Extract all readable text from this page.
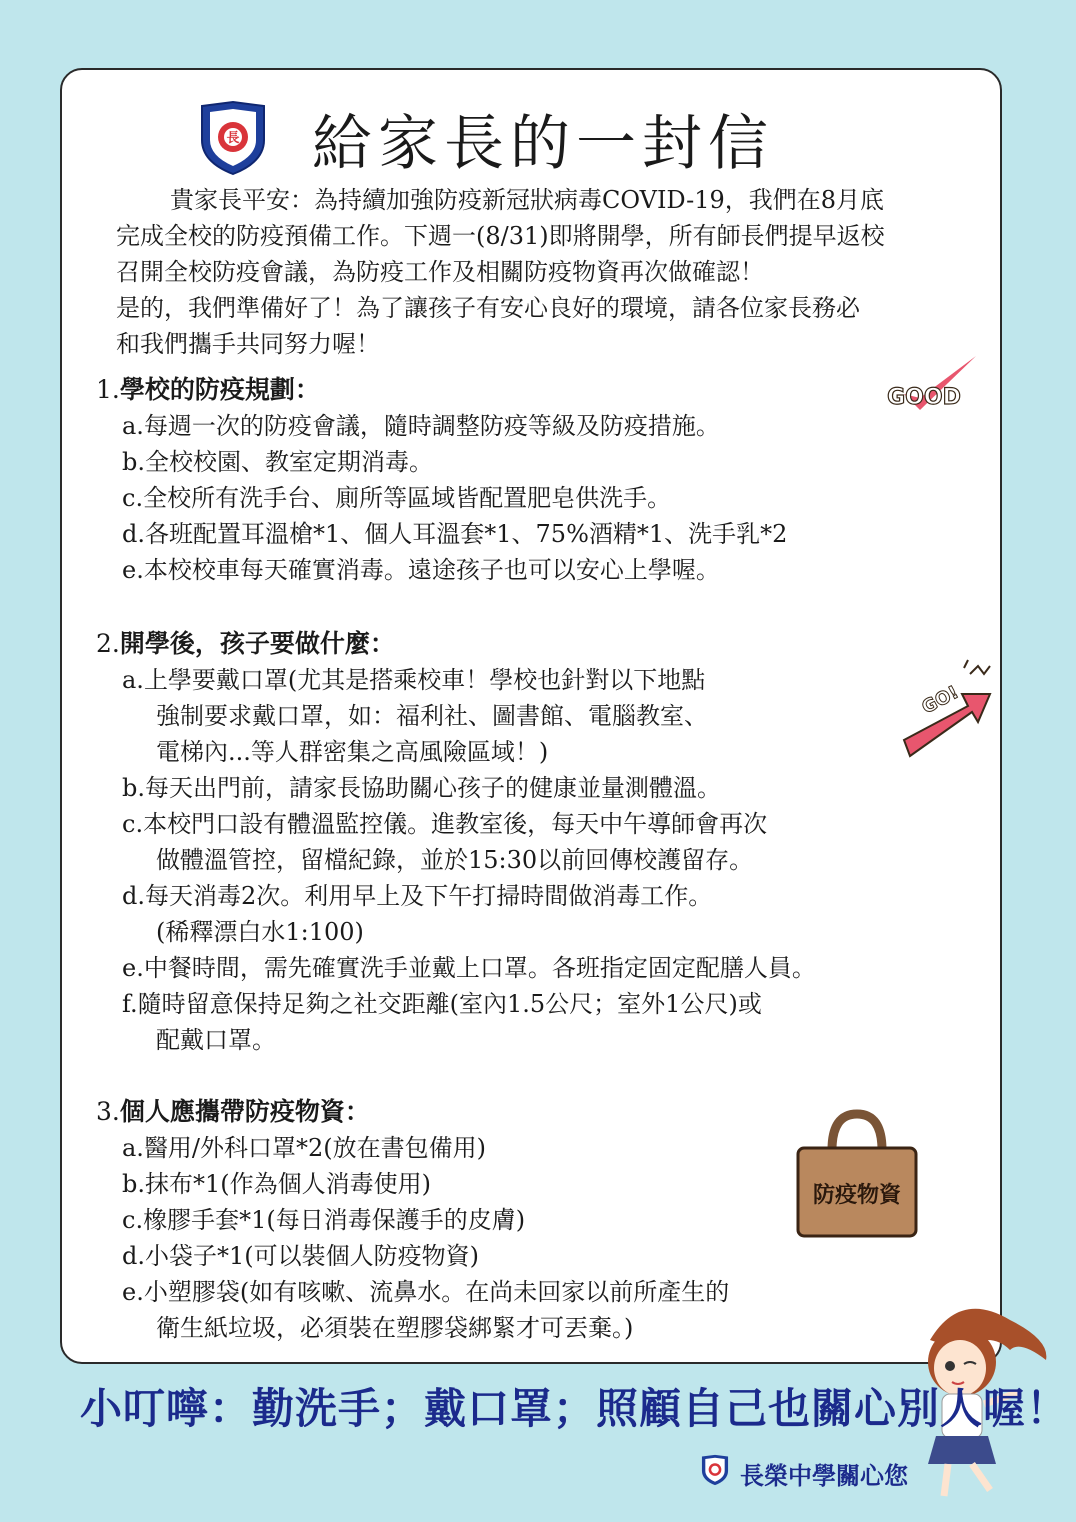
長 給家長的一封信
貴家長平安：為持續加強防疫新冠狀病毒COVID-19，我們在8月底
完成全校的防疫預備工作。下週一(8/31)即將開學，所有師長們提早返校
召開全校防疫會議，為防疫工作及相關防疫物資再次做確認！
是的，我們準備好了！為了讓孩子有安心良好的環境，請各位家長務必
和我們攜手共同努力喔！
1.學校的防疫規劃：
a.每週一次的防疫會議，隨時調整防疫等級及防疫措施。
b.全校校園、教室定期消毒。
c.全校所有洗手台、廁所等區域皆配置肥皂供洗手。
d.各班配置耳溫槍*1、個人耳溫套*1、75%酒精*1、洗手乳*2
e.本校校車每天確實消毒。遠途孩子也可以安心上學喔。
2.開學後，孩子要做什麼：
a.上學要戴口罩(尤其是搭乘校車！學校也針對以下地點
強制要求戴口罩，如：福利社、圖書館、電腦教室、
電梯內...等人群密集之高風險區域！)
b.每天出門前，請家長協助關心孩子的健康並量測體溫。
c.本校門口設有體溫監控儀。進教室後，每天中午導師會再次
做體溫管控，留檔紀錄，並於15:30以前回傳校護留存。
d.每天消毒2次。利用早上及下午打掃時間做消毒工作。
(稀釋漂白水1:100)
e.中餐時間，需先確實洗手並戴上口罩。各班指定固定配膳人員。
f.隨時留意保持足夠之社交距離(室內1.5公尺；室外1公尺)或
配戴口罩。
3.個人應攜帶防疫物資：
a.醫用/外科口罩*2(放在書包備用)
b.抹布*1(作為個人消毒使用)
c.橡膠手套*1(每日消毒保護手的皮膚)
d.小袋子*1(可以裝個人防疫物資)
e.小塑膠袋(如有咳嗽、流鼻水。在尚未回家以前所產生的
衛生紙垃圾，必須裝在塑膠袋綁緊才可丟棄。)
GOOD
GO!
防疫物資
小叮嚀：勤洗手；戴口罩；照顧自己也關心別人喔！
長榮中學關心您
